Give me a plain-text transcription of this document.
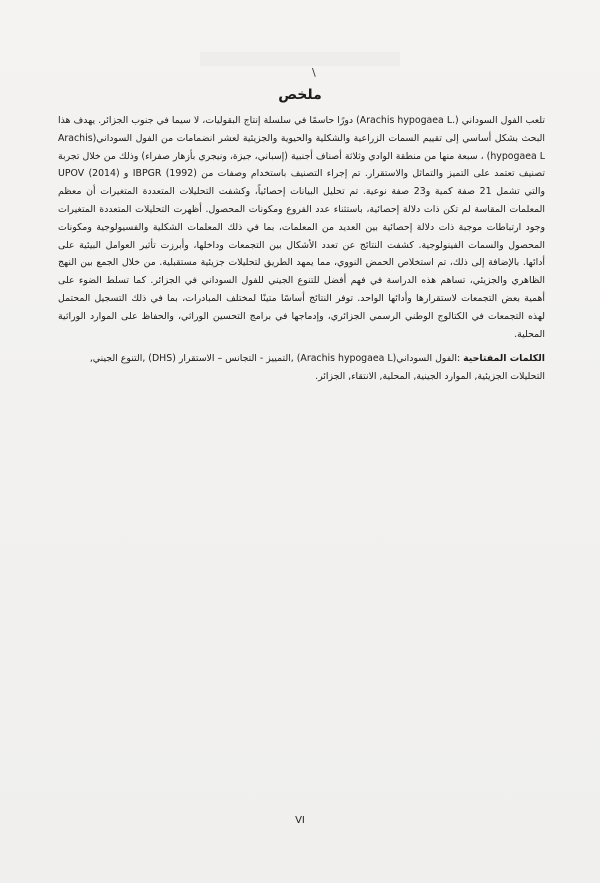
\
ملخص

تلعب الفول السوداني (.Arachis hypogaea L) دورًا حاسمًا في سلسلة إنتاج البقوليات، لا سيما في جنوب الجزائر. يهدف هذا البحث بشكل أساسي إلى تقييم السمات الزراعية والشكلية والحيوية والجزيئية لعشر انضمامات من الفول السوداني(Arachis hypogaea L) ، سبعة منها من منطقة الوادي وثلاثة أصناف أجنبية (إسباني، جيزة، ونيجري بأزهار صفراء) وذلك من خلال تجربة تصنيف تعتمد على التميز والتماثل والاستقرار. تم إجراء التصنيف باستخدام وصفات من IBPGR (1992) و UPOV (2014) والتي تشمل 21 صفة كمية و23 صفة نوعية. تم تحليل البيانات إحصائياً، وكشفت التحليلات المتعددة المتغيرات أن معظم المعلمات المقاسة لم تكن ذات دلالة إحصائية، باستثناء عدد الفروع ومكونات المحصول. أظهرت التحليلات المتعددة المتغيرات وجود ارتباطات موجبة ذات دلالة إحصائية بين العديد من المعلمات، بما في ذلك المعلمات الشكلية والفسيولوجية ومكونات المحصول والسمات الفينولوجية. كشفت النتائج عن تعدد الأشكال بين التجمعات وداخلها، وأبرزت تأثير العوامل البيئية على أدائها. بالإضافة إلى ذلك، تم استخلاص الحمض النووي، مما يمهد الطريق لتحليلات جزيئية مستقبلية. من خلال الجمع بين النهج الظاهري والجزيئي، تساهم هذه الدراسة في فهم أفضل للتنوع الجيني للفول السوداني في الجزائر. كما تسلط الضوء على أهمية بعض التجمعات لاستقرارها وأدائها الواحد. توفر النتائج أساسًا متينًا لمختلف المبادرات، بما في ذلك التسجيل المحتمل لهذه التجمعات في الكتالوج الوطني الرسمي الجزائري، وإدماجها في برامج التحسين الوراثي، والحفاظ على الموارد الوراثية المحلية.

الكلمات المفتاحية :الفول السوداني(Arachis hypogaea L) ,التمييز - التجانس – الاستقرار (DHS) ,التنوع الجيني, التحليلات الجزيئية, الموارد الجينية, المحلية, الانتقاء, الجزائر.
VI
